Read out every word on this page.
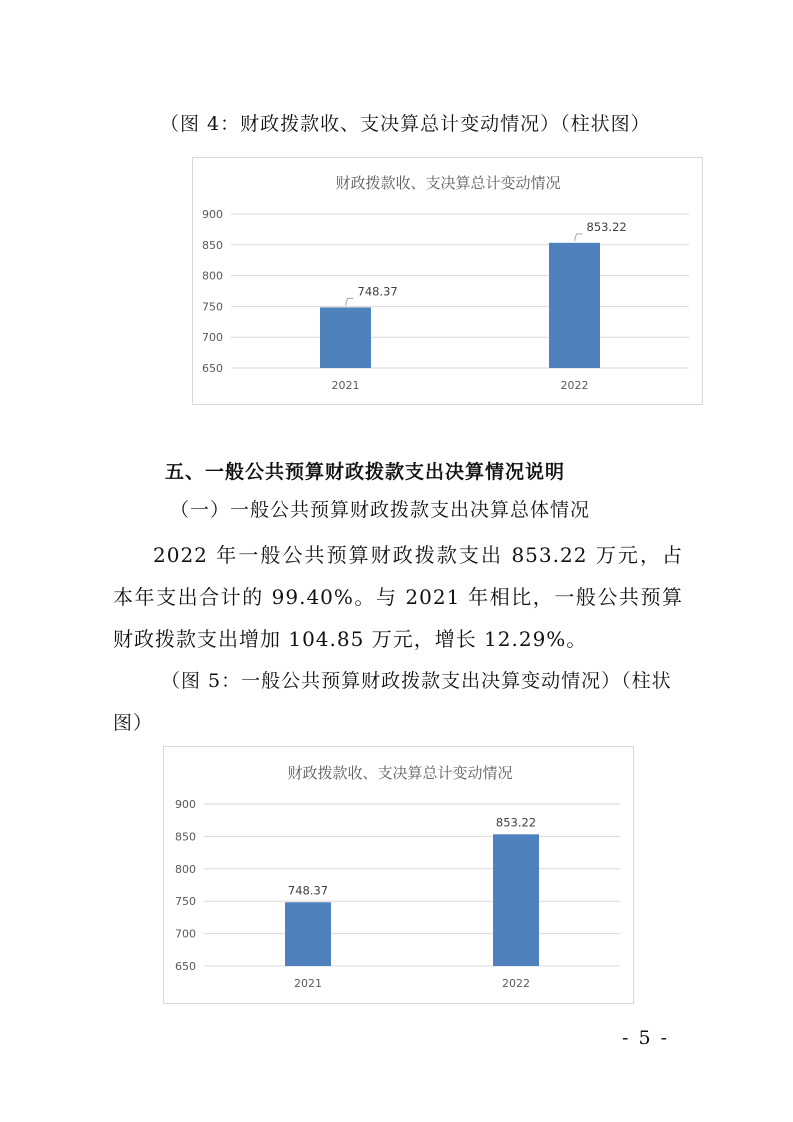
（图 4：财政拨款收、支决算总计变动情况）（柱状图）
财政拨款收、支决算总计变动情况
650
700
750
800
850
900
2021
748.37
2022
853.22
五、一般公共预算财政拨款支出决算情况说明
（一）一般公共预算财政拨款支出决算总体情况
2022 年一般公共预算财政拨款支出 853.22 万元，占本年支出合计的 99.40%。与 2021 年相比，一般公共预算财政拨款支出增加 104.85 万元，增长 12.29%。
（图 5：一般公共预算财政拨款支出决算变动情况）（柱状图）
财政拨款收、支决算总计变动情况
650
700
750
800
850
900
2021
748.37
2022
853.22
- 5 -
